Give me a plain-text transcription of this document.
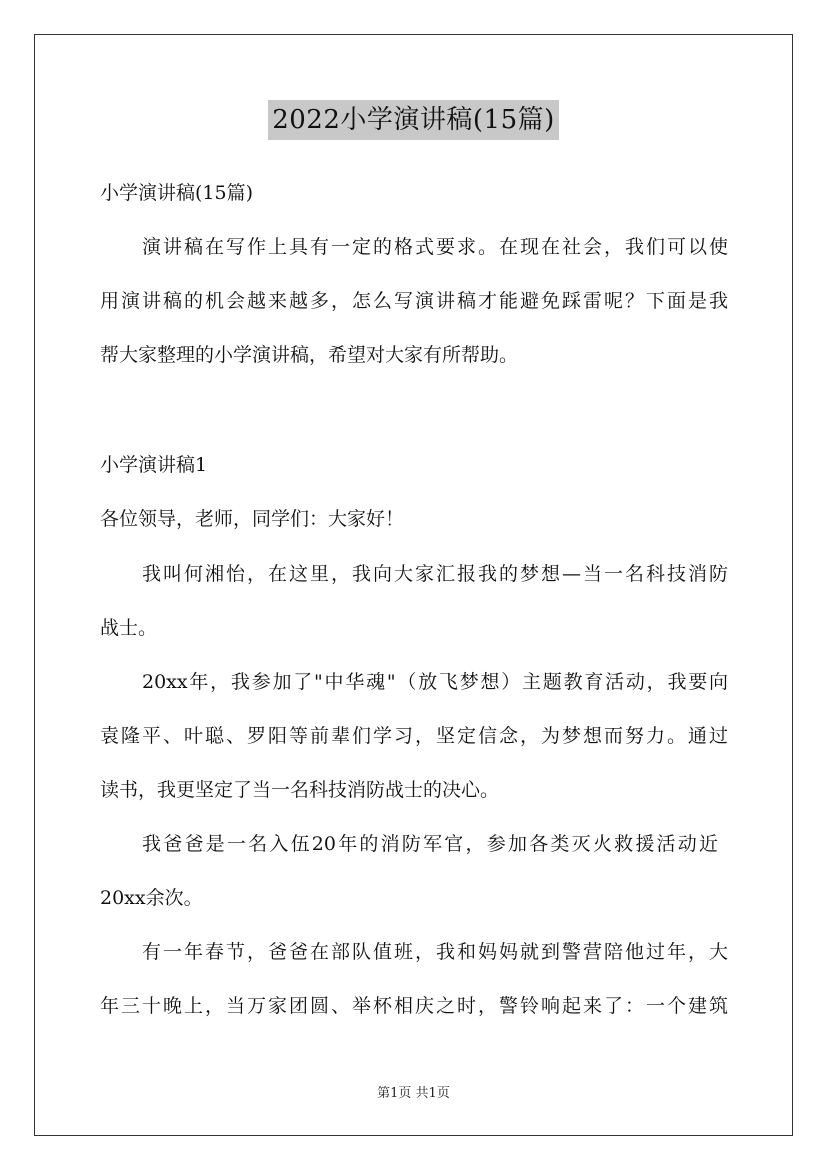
2022小学演讲稿(15篇)
小学演讲稿(15篇)
演讲稿在写作上具有一定的格式要求。在现在社会，我们可以使
用演讲稿的机会越来越多，怎么写演讲稿才能避免踩雷呢？下面是我
帮大家整理的小学演讲稿，希望对大家有所帮助。
小学演讲稿1
各位领导，老师，同学们：大家好！
我叫何湘怡，在这里，我向大家汇报我的梦想—当一名科技消防
战士。
20xx年，我参加了"中华魂"（放飞梦想）主题教育活动，我要向
袁隆平、叶聪、罗阳等前辈们学习，坚定信念，为梦想而努力。通过
读书，我更坚定了当一名科技消防战士的决心。
我爸爸是一名入伍20年的消防军官，参加各类灭火救援活动近
20xx余次。
有一年春节，爸爸在部队值班，我和妈妈就到警营陪他过年，大
年三十晚上，当万家团圆、举杯相庆之时，警铃响起来了：一个建筑
第1页 共1页
